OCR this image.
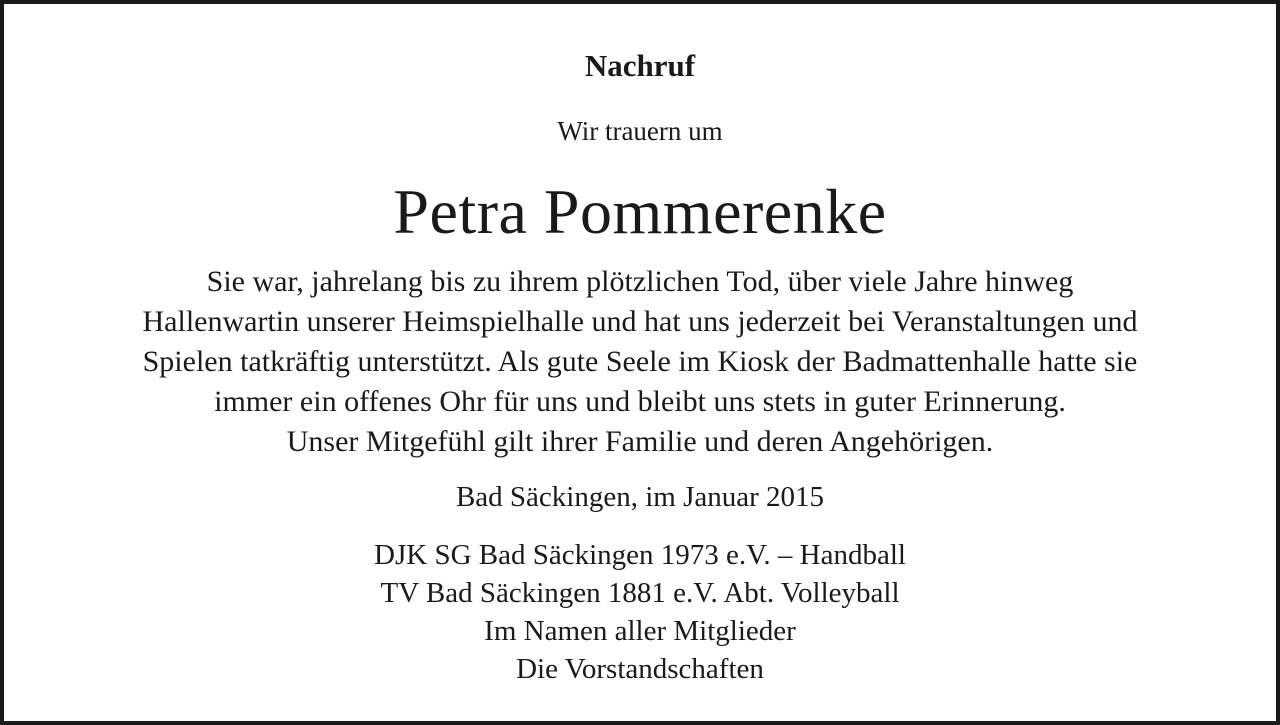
Nachruf
Wir trauern um
Petra Pommerenke
Sie war, jahrelang bis zu ihrem plötzlichen Tod, über viele Jahre hinweg
Hallenwartin unserer Heimspielhalle und hat uns jederzeit bei Veranstaltungen und
Spielen tatkräftig unterstützt. Als gute Seele im Kiosk der Badmattenhalle hatte sie
immer ein offenes Ohr für uns und bleibt uns stets in guter Erinnerung.
Unser Mitgefühl gilt ihrer Familie und deren Angehörigen.
Bad Säckingen, im Januar 2015
DJK SG Bad Säckingen 1973 e.V. – Handball
TV Bad Säckingen 1881 e.V. Abt. Volleyball
Im Namen aller Mitglieder
Die Vorstandschaften
